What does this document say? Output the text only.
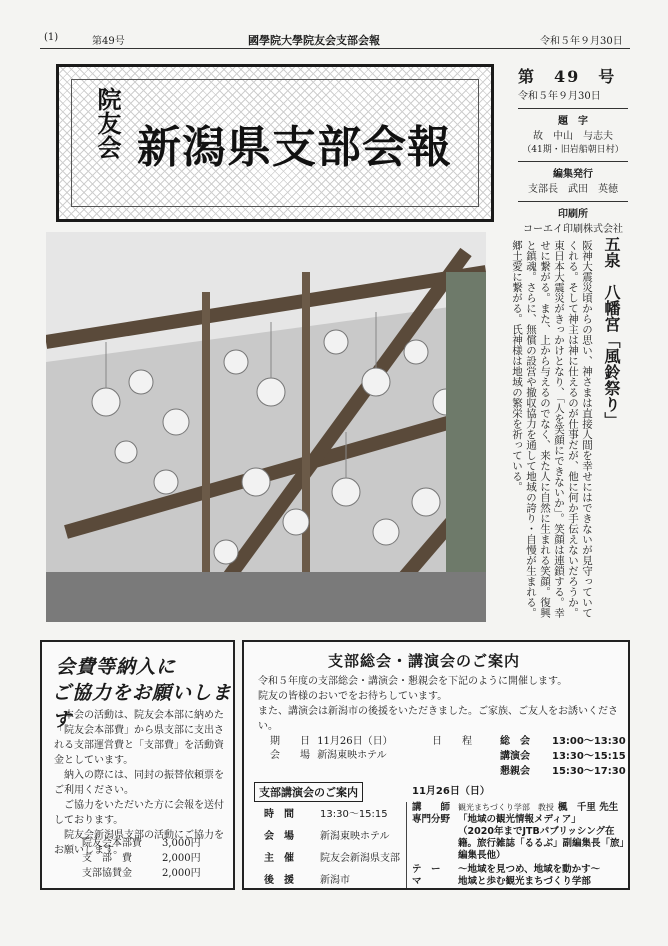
(1)	第49号	國學院大學院友会支部会報	令和５年９月30日
院友会 新潟県支部会報
第　49　号
令和５年９月30日
題　字
故　中山　与志夫
（41期・旧岩船朝日村）
編集発行
支部長　武田　英徳
印刷所
コーエイ印刷株式会社
五泉　八幡宮「風鈴祭り」
阪神大震災頃からの思い、神さまは直接人間を幸せにはできないが見守っていてくれる。そして神主は神に仕えるのが仕事だが、他に何か手伝えないだろうか。東日本大震災がきっかけとなり、「人を笑顔にできないか」。笑顔は連鎖する。幸せに繋がる。また、上から与えるのでなく、来た人に自然に生まれる笑顔。復興と鎮魂。さらに、無償の設営や撤収協力を通して地域の誇り・自慢が生まれる。郷土愛に繋がる。氏神様は地域の繁栄を祈っている。
会費等納入に
ご協力をお願いします
本会の活動は、院友会本部に納めた「院友会本部費」から県支部に支出される支部運営費と「支部費」を活動資金としています。
納入の際には、同封の振替依頼票をご利用ください。
ご協力をいただいた方に会報を送付しております。
院友会新潟県支部の活動にご協力をお願いします。
院友会本部費	3,000円
支　部　費	2,000円
支部協賛金	2,000円
支部総会・講演会のご案内
令和５年度の支部総会・講演会・懇親会を下記のように開催します。
院友の皆様のおいでをお待ちしています。
また、講演会は新潟市の後援をいただきました。ご家族、ご友人をお誘いください。
期　　日 11月26日（日）
会　　場 新潟東映ホテル
日　　程	総　会	13:00～13:30
講演会	13:30～15:15
懇親会	15:30～17:30
支部講演会のご案内	11月26日（日）
時　間	13:30～15:15
会　場	新潟東映ホテル
主　催	院友会新潟県支部
後　援	新潟市
講　　師 観光まちづくり学部　教授 楓　千里 先生
専門分野 「地域の観光情報メディア」
（2020年までJTBパブリッシング在籍。旅行雑誌「るるぶ」副編集長「旅」編集長他）
テ　ー　マ
～地域を見つめ、地域を動かす～
地域と歩む観光まちづくり学部
